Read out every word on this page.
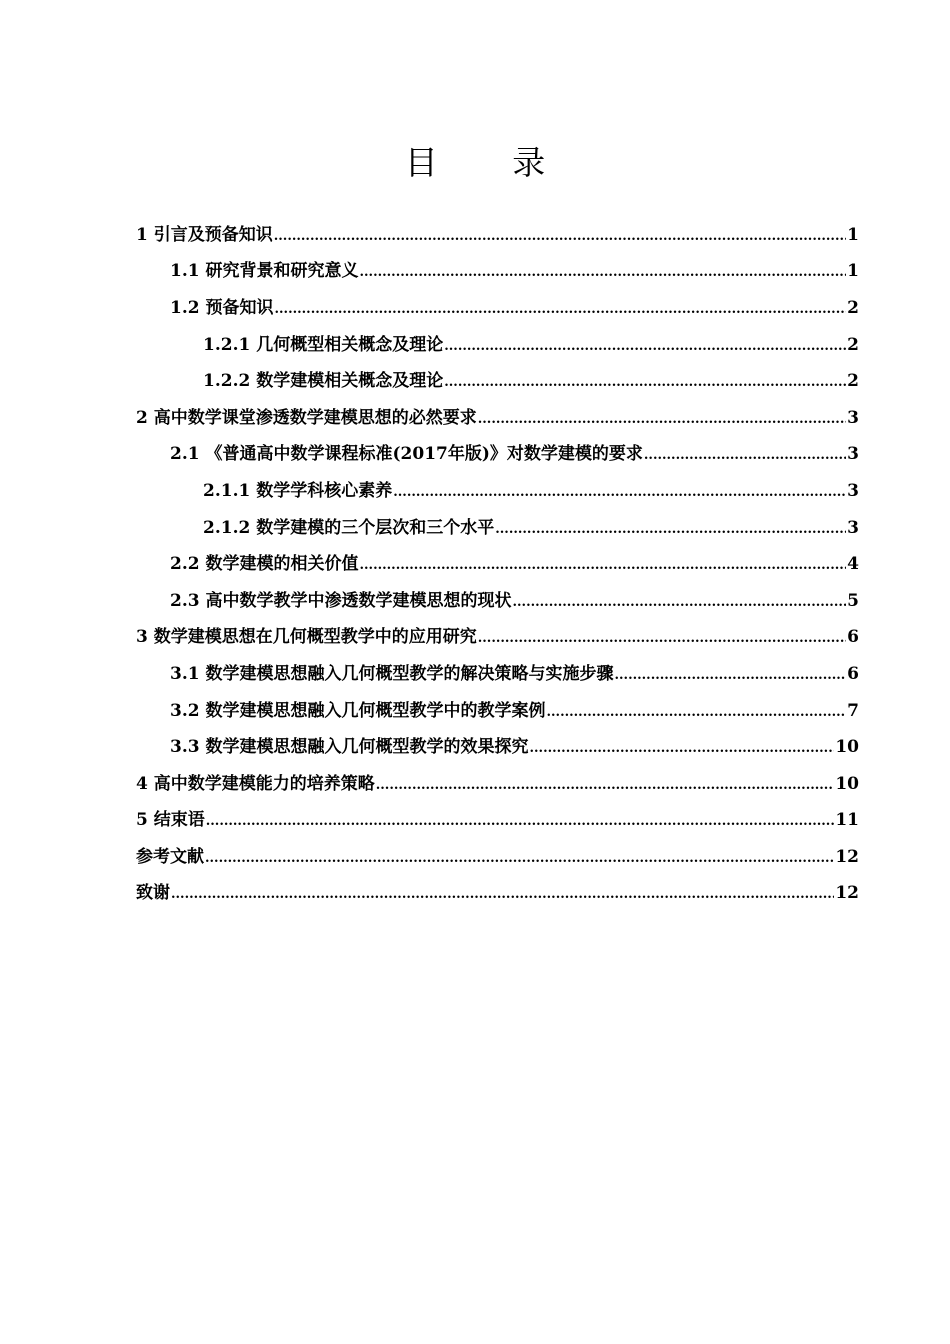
目 录
1 引言及预备知识 .....	1
1.1 研究背景和研究意义 .....	1
1.2 预备知识 .....	2
1.2.1 几何概型相关概念及理论 .....	2
1.2.2 数学建模相关概念及理论 .....	2
2 高中数学课堂渗透数学建模思想的必然要求 .....	3
2.1 《普通高中数学课程标准(2017年版)》对数学建模的要求 .....	3
2.1.1 数学学科核心素养 .....	3
2.1.2 数学建模的三个层次和三个水平 .....	3
2.2 数学建模的相关价值 .....	4
2.3 高中数学教学中渗透数学建模思想的现状 .....	5
3 数学建模思想在几何概型教学中的应用研究 .....	6
3.1 数学建模思想融入几何概型教学的解决策略与实施步骤 .....	6
3.2 数学建模思想融入几何概型教学中的教学案例 .....	7
3.3 数学建模思想融入几何概型教学的效果探究 .....	10
4 高中数学建模能力的培养策略 .....	10
5 结束语 .....	11
参考文献 .....	12
致谢 .....	12
